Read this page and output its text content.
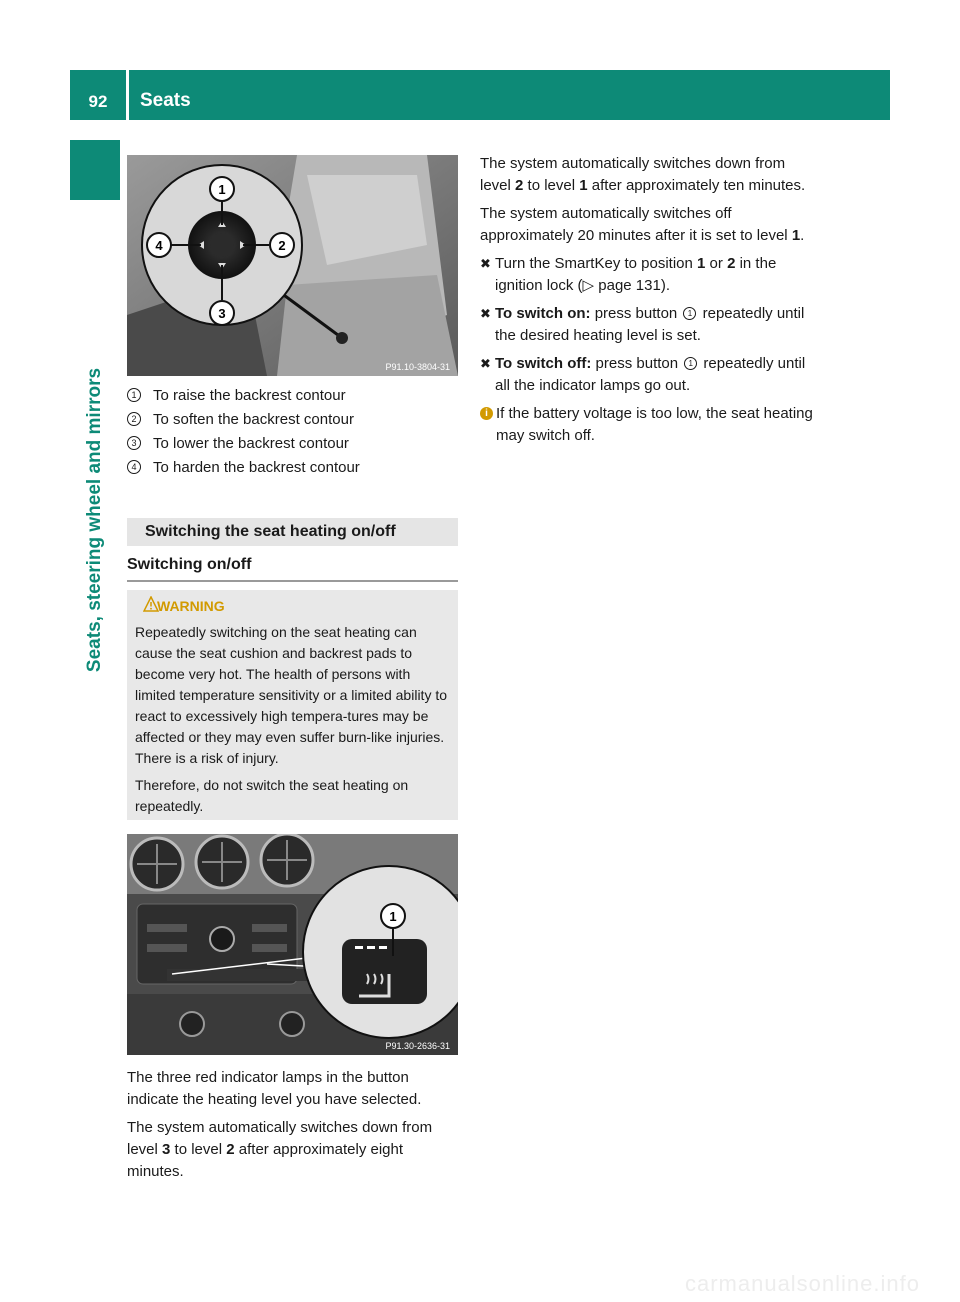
92	Seats
Seats, steering wheel and mirrors
1
2
3
4
P91.10-3804-31
1 To raise the backrest contour
2 To soften the backrest contour
3 To lower the backrest contour
4 To harden the backrest contour
Switching the seat heating on/off
Switching on/off
WARNING

Repeatedly switching on the seat heating can cause the seat cushion and backrest pads to become very hot. The health of persons with limited temperature sensitivity or a limited ability to react to excessively high tempera-tures may be affected or they may even suffer burn-like injuries. There is a risk of injury.

Therefore, do not switch the seat heating on repeatedly.

1
P91.30-2636-31

The three red indicator lamps in the button indicate the heating level you have selected.

The system automatically switches down from level 3 to level 2 after approximately eight minutes.

The system automatically switches down from level 2 to level 1 after approximately ten minutes.

The system automatically switches off approximately 20 minutes after it is set to level 1.

✖ Turn the SmartKey to position 1 or 2 in the ignition lock (▷ page 131).

✖ To switch on: press button 1 repeatedly until the desired heating level is set.

✖ To switch off: press button 1 repeatedly until all the indicator lamps go out.

i If the battery voltage is too low, the seat heating may switch off.

carmanualsonline.info
